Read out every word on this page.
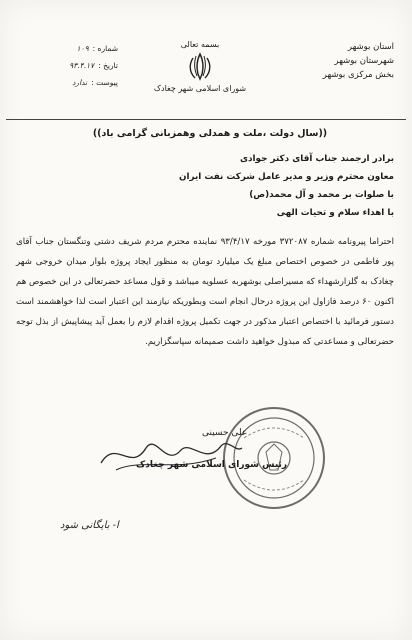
استان بوشهر
شهرستان بوشهر
بخش مرکزی بوشهر
بسمه تعالی
شورای اسلامی شهر چغادک
شماره :
۱۰۹
تاریخ :
۹۳.۴.۱۷
پیوست :
ندارد
((سال دولت ،ملت و همدلی وهمزبانی گرامی باد))
برادر ارجمند جناب آقای دکتر جوادی
معاون محترم وزیر و مدیر عامل شرکت نفت ایران
با صلوات بر محمد و آل محمد(ص)
با اهداء سلام و تحیات الهی
احتراما پیرونامه شماره ۳۷۲۰۸۷ مورخه ۹۳/۴/۱۷ نماینده محترم مردم شریف دشتی وتنگستان جناب آقای پور فاطمی در خصوص اختصاص مبلغ یک میلیارد تومان به منظور ایجاد پروژه بلوار میدان خروجی شهر چغادک به گلزارشهداء که مسیراصلی بوشهربه عسلویه میباشد و قول مساعد حضرتعالی در این خصوص هم اکنون ۶۰ درصد فازاول این پروژه درحال انجام است وبطوریکه نیازمند این اعتبار است لذا خواهشمند است دستور فرمائید با اختصاص اعتبار مذکور در جهت تکمیل پروژه اقدام لازم را بعمل آید پیشاپیش از بذل توجه حضرتعالی و مساعدتی که مبذول خواهید داشت صمیمانه سپاسگزاریم.
علی حسینی
رئیس شورای اسلامی شهر چغادک
ا- بایگانی شود
